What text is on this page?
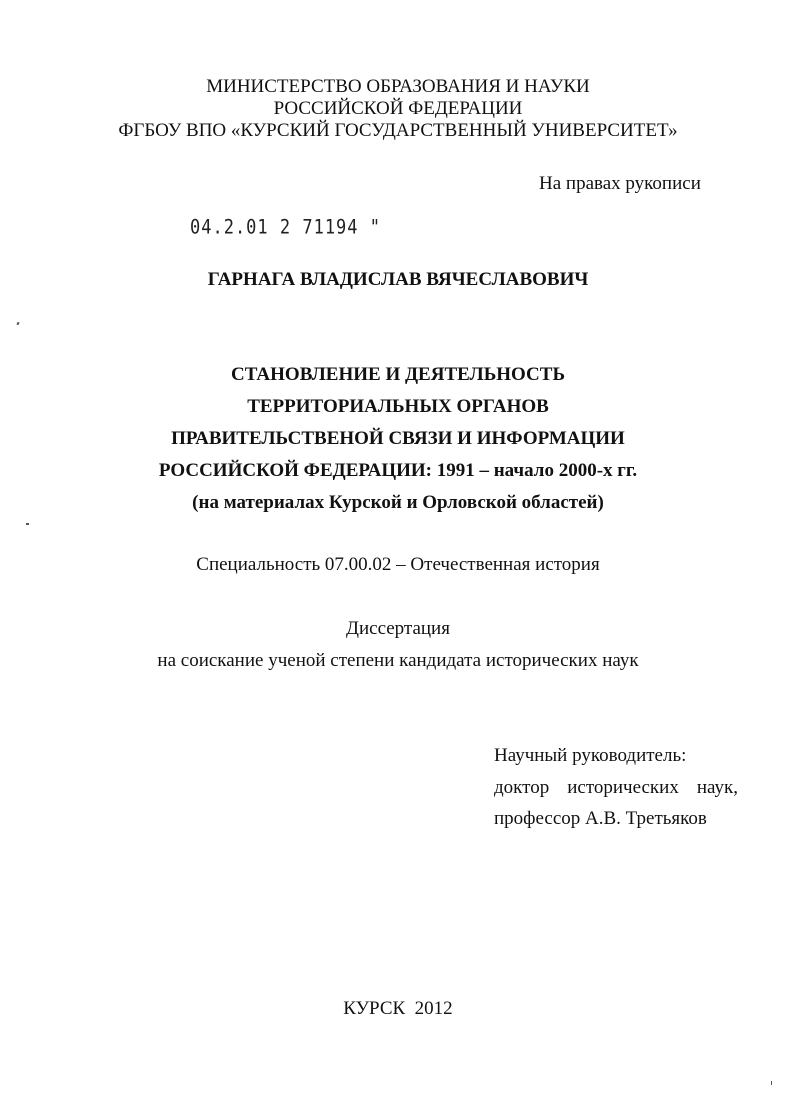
МИНИСТЕРСТВО ОБРАЗОВАНИЯ И НАУКИ
РОССИЙСКОЙ ФЕДЕРАЦИИ
ФГБОУ ВПО «КУРСКИЙ ГОСУДАРСТВЕННЫЙ УНИВЕРСИТЕТ»
На правах рукописи
04.2.01 2 71194 "
ГАРНАГА ВЛАДИСЛАВ ВЯЧЕСЛАВОВИЧ
СТАНОВЛЕНИЕ И ДЕЯТЕЛЬНОСТЬ
ТЕРРИТОРИАЛЬНЫХ ОРГАНОВ
ПРАВИТЕЛЬСТВЕНОЙ СВЯЗИ И ИНФОРМАЦИИ
РОССИЙСКОЙ ФЕДЕРАЦИИ: 1991 – начало 2000-х гг.
(на материалах Курской и Орловской областей)
Специальность 07.00.02 – Отечественная история
Диссертация
на соискание ученой степени кандидата исторических наук
Научный руководитель:
доктор исторических наук,
профессор А.В. Третьяков
КУРСК  2012
